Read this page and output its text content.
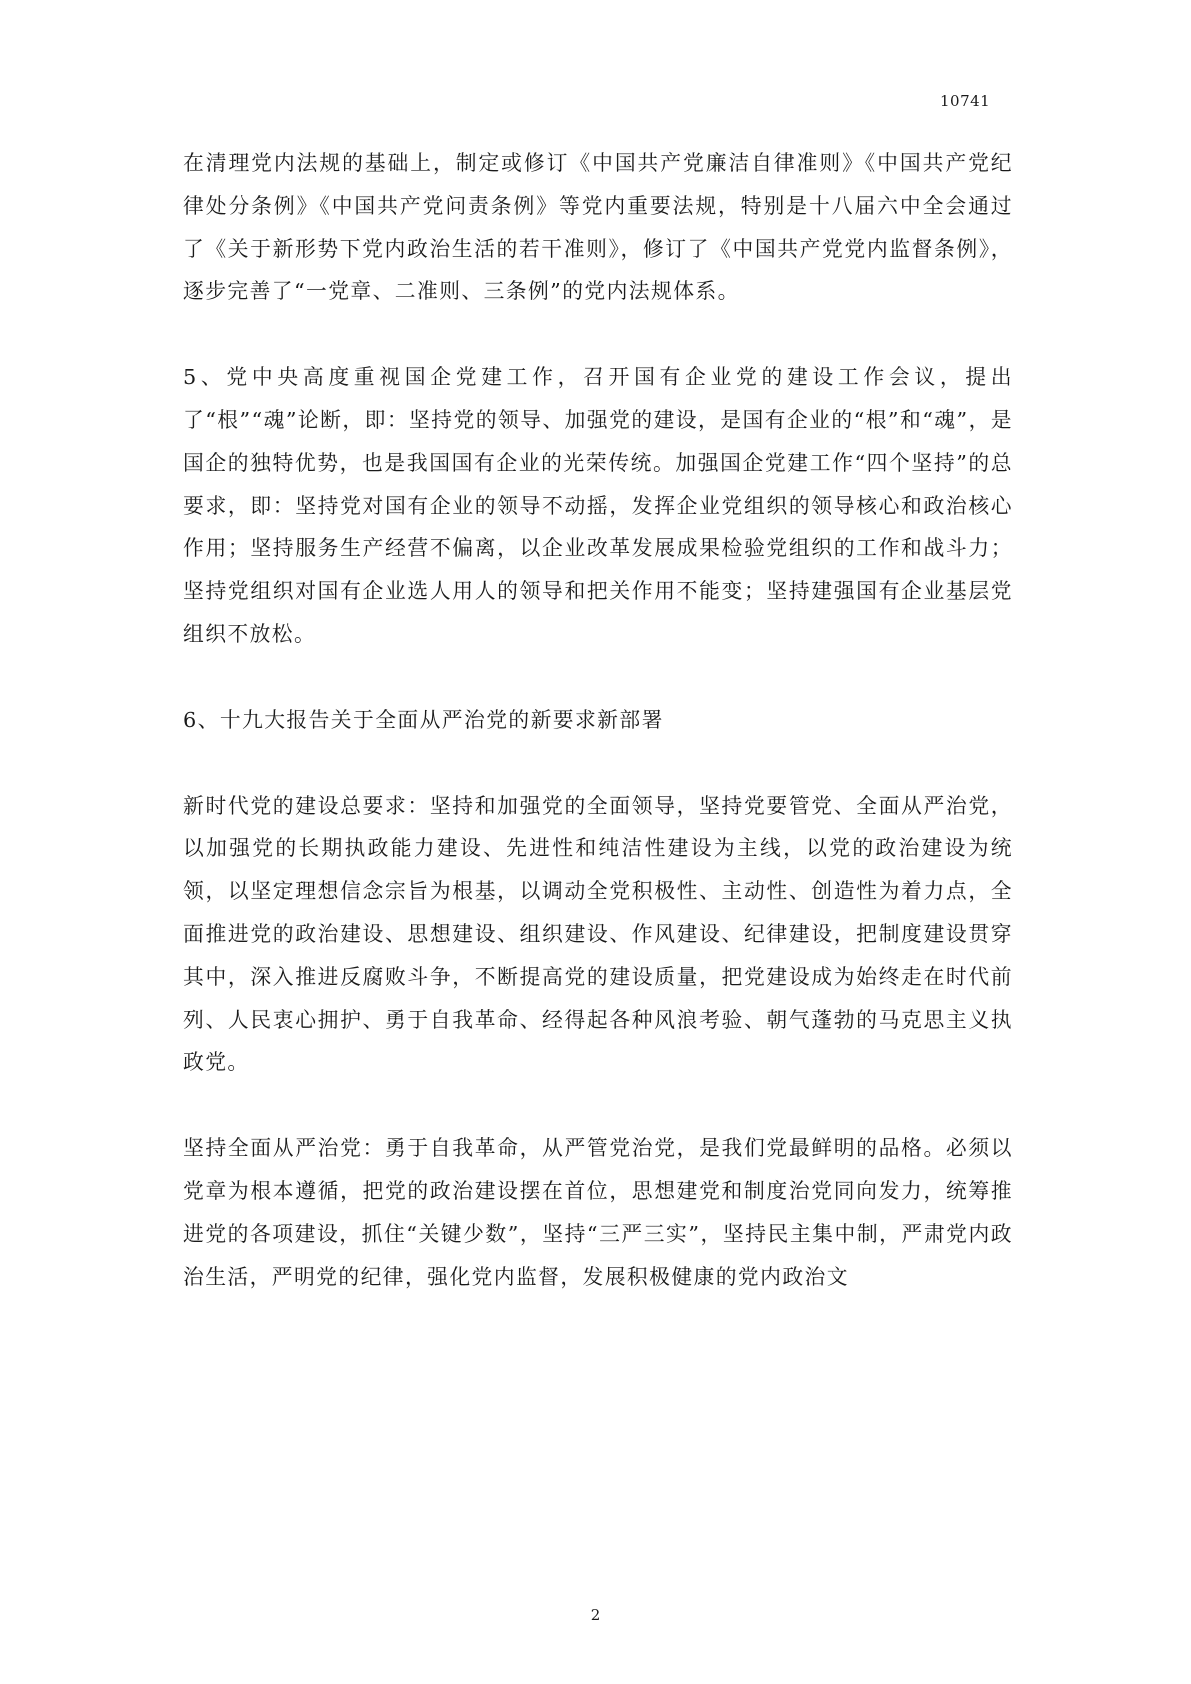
10741

在清理党内法规的基础上，制定或修订《中国共产党廉洁自律准则》《中国共产党纪律处分条例》《中国共产党问责条例》等党内重要法规，特别是十八届六中全会通过了《关于新形势下党内政治生活的若干准则》，修订了《中国共产党党内监督条例》，逐步完善了“一党章、二准则、三条例”的党内法规体系。

5、党中央高度重视国企党建工作，召开国有企业党的建设工作会议，提出了“根”“魂”论断，即：坚持党的领导、加强党的建设，是国有企业的“根”和“魂”，是国企的独特优势，也是我国国有企业的光荣传统。加强国企党建工作“四个坚持”的总要求，即：坚持党对国有企业的领导不动摇，发挥企业党组织的领导核心和政治核心作用；坚持服务生产经营不偏离，以企业改革发展成果检验党组织的工作和战斗力；坚持党组织对国有企业选人用人的领导和把关作用不能变；坚持建强国有企业基层党组织不放松。

6、十九大报告关于全面从严治党的新要求新部署

新时代党的建设总要求：坚持和加强党的全面领导，坚持党要管党、全面从严治党，以加强党的长期执政能力建设、先进性和纯洁性建设为主线，以党的政治建设为统领，以坚定理想信念宗旨为根基，以调动全党积极性、主动性、创造性为着力点，全面推进党的政治建设、思想建设、组织建设、作风建设、纪律建设，把制度建设贯穿其中，深入推进反腐败斗争，不断提高党的建设质量，把党建设成为始终走在时代前列、人民衷心拥护、勇于自我革命、经得起各种风浪考验、朝气蓬勃的马克思主义执政党。

坚持全面从严治党：勇于自我革命，从严管党治党，是我们党最鲜明的品格。必须以党章为根本遵循，把党的政治建设摆在首位，思想建党和制度治党同向发力，统筹推进党的各项建设，抓住“关键少数”，坚持“三严三实”，坚持民主集中制，严肃党内政治生活，严明党的纪律，强化党内监督，发展积极健康的党内政治文

2
